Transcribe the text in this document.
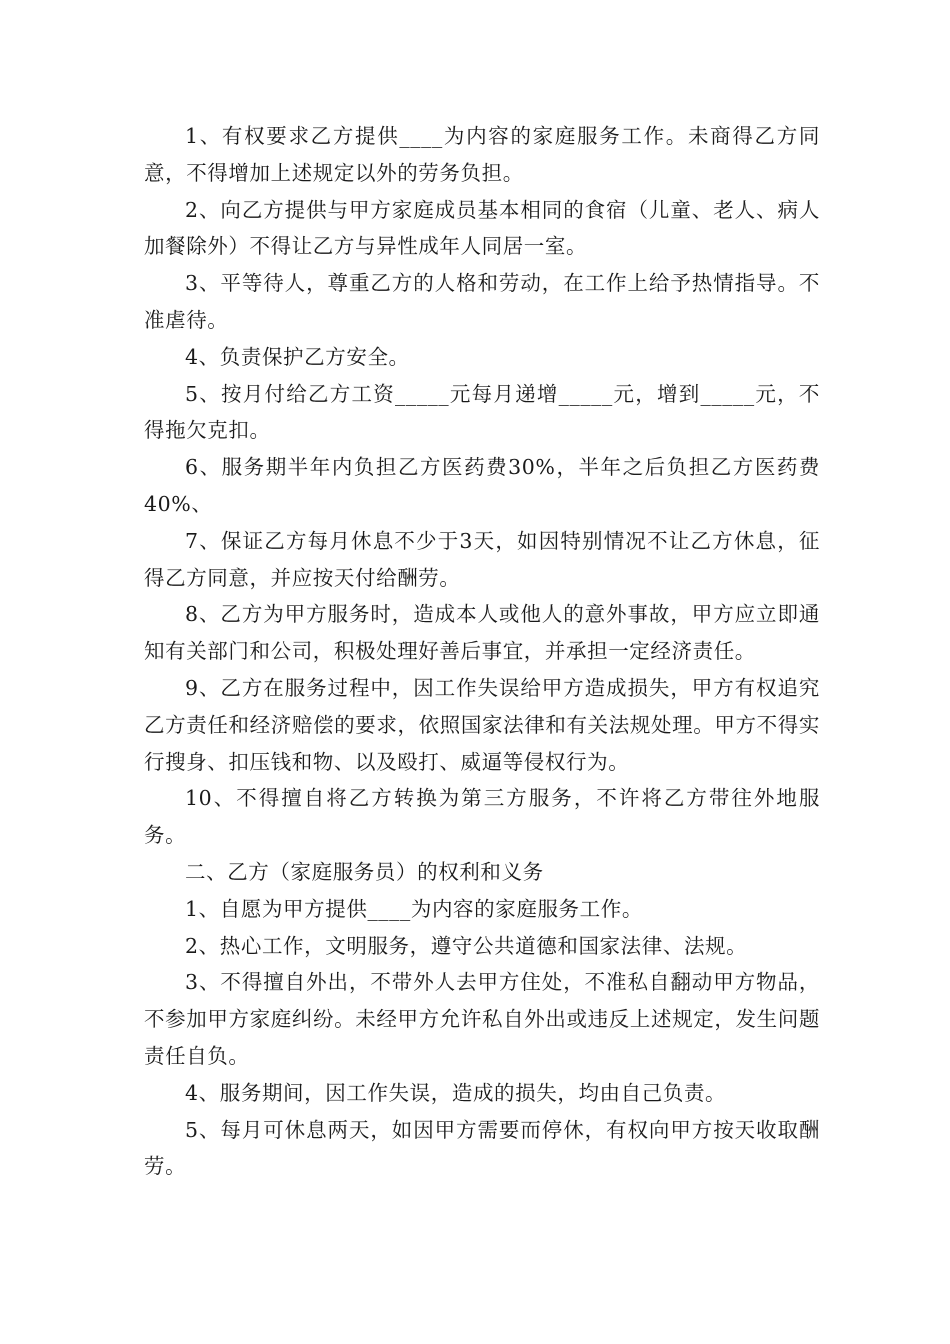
1、有权要求乙方提供____为内容的家庭服务工作。未商得乙方同意，不得增加上述规定以外的劳务负担。

2、向乙方提供与甲方家庭成员基本相同的食宿（儿童、老人、病人加餐除外）不得让乙方与异性成年人同居一室。

3、平等待人，尊重乙方的人格和劳动，在工作上给予热情指导。不准虐待。

4、负责保护乙方安全。

5、按月付给乙方工资_____元每月递增_____元，增到_____元，不得拖欠克扣。

6、服务期半年内负担乙方医药费30%，半年之后负担乙方医药费40%、

7、保证乙方每月休息不少于3天，如因特别情况不让乙方休息，征得乙方同意，并应按天付给酬劳。

8、乙方为甲方服务时，造成本人或他人的意外事故，甲方应立即通知有关部门和公司，积极处理好善后事宜，并承担一定经济责任。

9、乙方在服务过程中，因工作失误给甲方造成损失，甲方有权追究乙方责任和经济赔偿的要求，依照国家法律和有关法规处理。甲方不得实行搜身、扣压钱和物、以及殴打、威逼等侵权行为。

10、不得擅自将乙方转换为第三方服务，不许将乙方带往外地服务。

二、乙方（家庭服务员）的权利和义务

1、自愿为甲方提供____为内容的家庭服务工作。

2、热心工作，文明服务，遵守公共道德和国家法律、法规。

3、不得擅自外出，不带外人去甲方住处，不准私自翻动甲方物品，不参加甲方家庭纠纷。未经甲方允许私自外出或违反上述规定，发生问题责任自负。

4、服务期间，因工作失误，造成的损失，均由自己负责。

5、每月可休息两天，如因甲方需要而停休，有权向甲方按天收取酬劳。
